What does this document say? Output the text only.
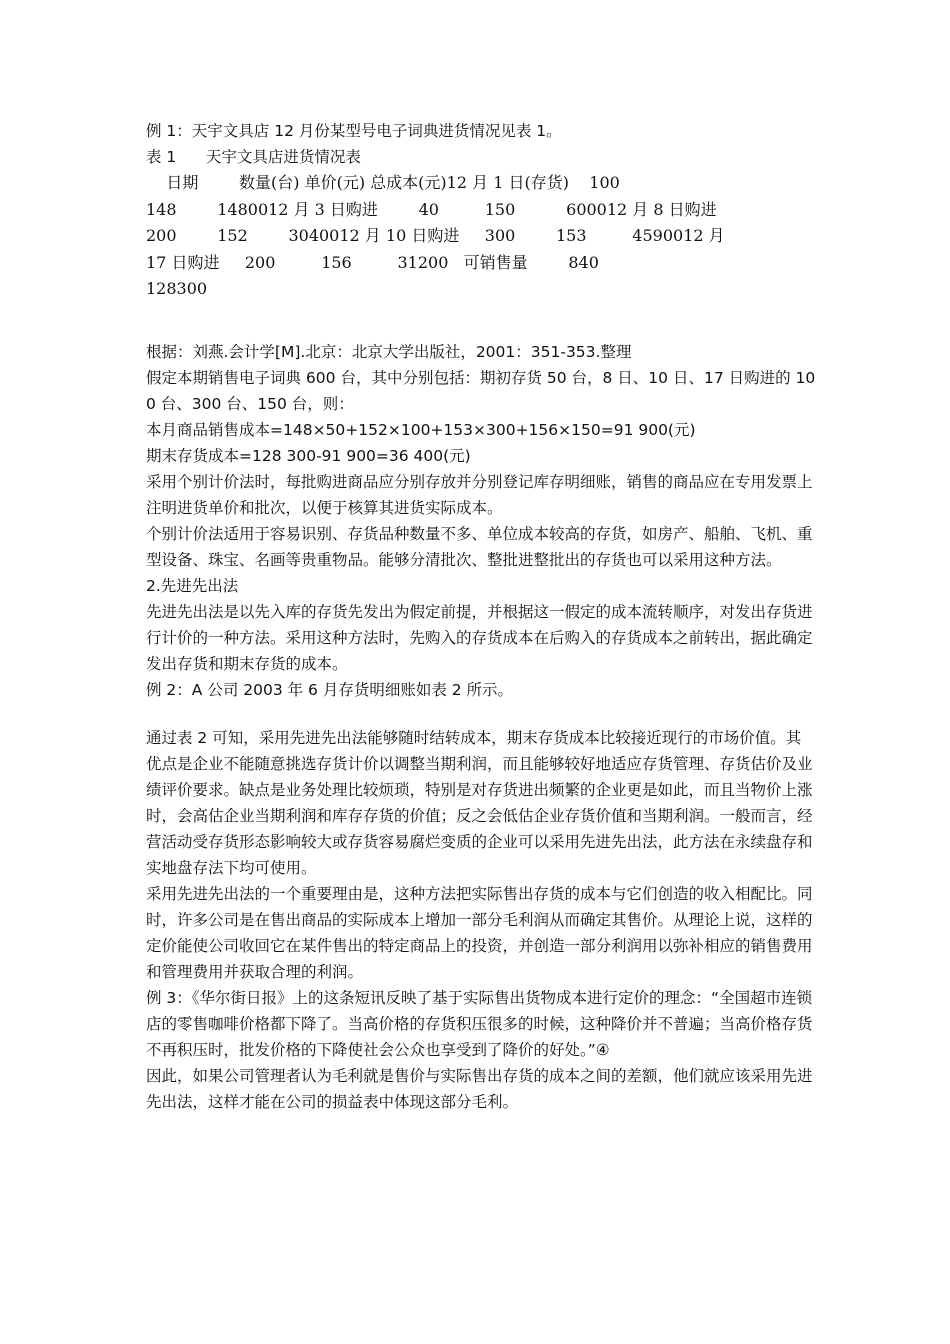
例 1：天宇文具店 12 月份某型号电子词典进货情况见表 1。

表 1      天宇文具店进货情况表

日期        数量(台) 单价(元) 总成本(元)12 月 1 日(存货)    100

148        1480012 月 3 日购进        40         150          600012 月 8 日购进

200        152        3040012 月 10 日购进     300        153         4590012 月

17 日购进     200         156         31200   可销售量        840

128300

根据：刘燕.会计学[M].北京：北京大学出版社，2001：351-353.整理

假定本期销售电子词典 600 台，其中分别包括：期初存货 50 台，8 日、10 日、17 日购进的 100 台、300 台、150 台，则：

本月商品销售成本=148×50+152×100+153×300+156×150=91 900(元)

期末存货成本=128 300-91 900=36 400(元)

采用个别计价法时，每批购进商品应分别存放并分别登记库存明细账，销售的商品应在专用发票上注明进货单价和批次，以便于核算其进货实际成本。

个别计价法适用于容易识别、存货品种数量不多、单位成本较高的存货，如房产、船舶、飞机、重型设备、珠宝、名画等贵重物品。能够分清批次、整批进整批出的存货也可以采用这种方法。

2.先进先出法

先进先出法是以先入库的存货先发出为假定前提，并根据这一假定的成本流转顺序，对发出存货进行计价的一种方法。采用这种方法时，先购入的存货成本在后购入的存货成本之前转出，据此确定发出存货和期末存货的成本。

例 2：A 公司 2003 年 6 月存货明细账如表 2 所示。

通过表 2 可知，采用先进先出法能够随时结转成本，期末存货成本比较接近现行的市场价值。其优点是企业不能随意挑选存货计价以调整当期利润，而且能够较好地适应存货管理、存货估价及业绩评价要求。缺点是业务处理比较烦琐，特别是对存货进出频繁的企业更是如此，而且当物价上涨时，会高估企业当期利润和库存存货的价值；反之会低估企业存货价值和当期利润。一般而言，经营活动受存货形态影响较大或存货容易腐烂变质的企业可以采用先进先出法，此方法在永续盘存和实地盘存法下均可使用。

采用先进先出法的一个重要理由是，这种方法把实际售出存货的成本与它们创造的收入相配比。同时，许多公司是在售出商品的实际成本上增加一部分毛利润从而确定其售价。从理论上说，这样的定价能使公司收回它在某件售出的特定商品上的投资，并创造一部分利润用以弥补相应的销售费用和管理费用并获取合理的利润。

例 3：《华尔街日报》上的这条短讯反映了基于实际售出货物成本进行定价的理念：“全国超市连锁店的零售咖啡价格都下降了。当高价格的存货积压很多的时候，这种降价并不普遍；当高价格存货不再积压时，批发价格的下降使社会公众也享受到了降价的好处。”④

因此，如果公司管理者认为毛利就是售价与实际售出存货的成本之间的差额，他们就应该采用先进先出法，这样才能在公司的损益表中体现这部分毛利。
